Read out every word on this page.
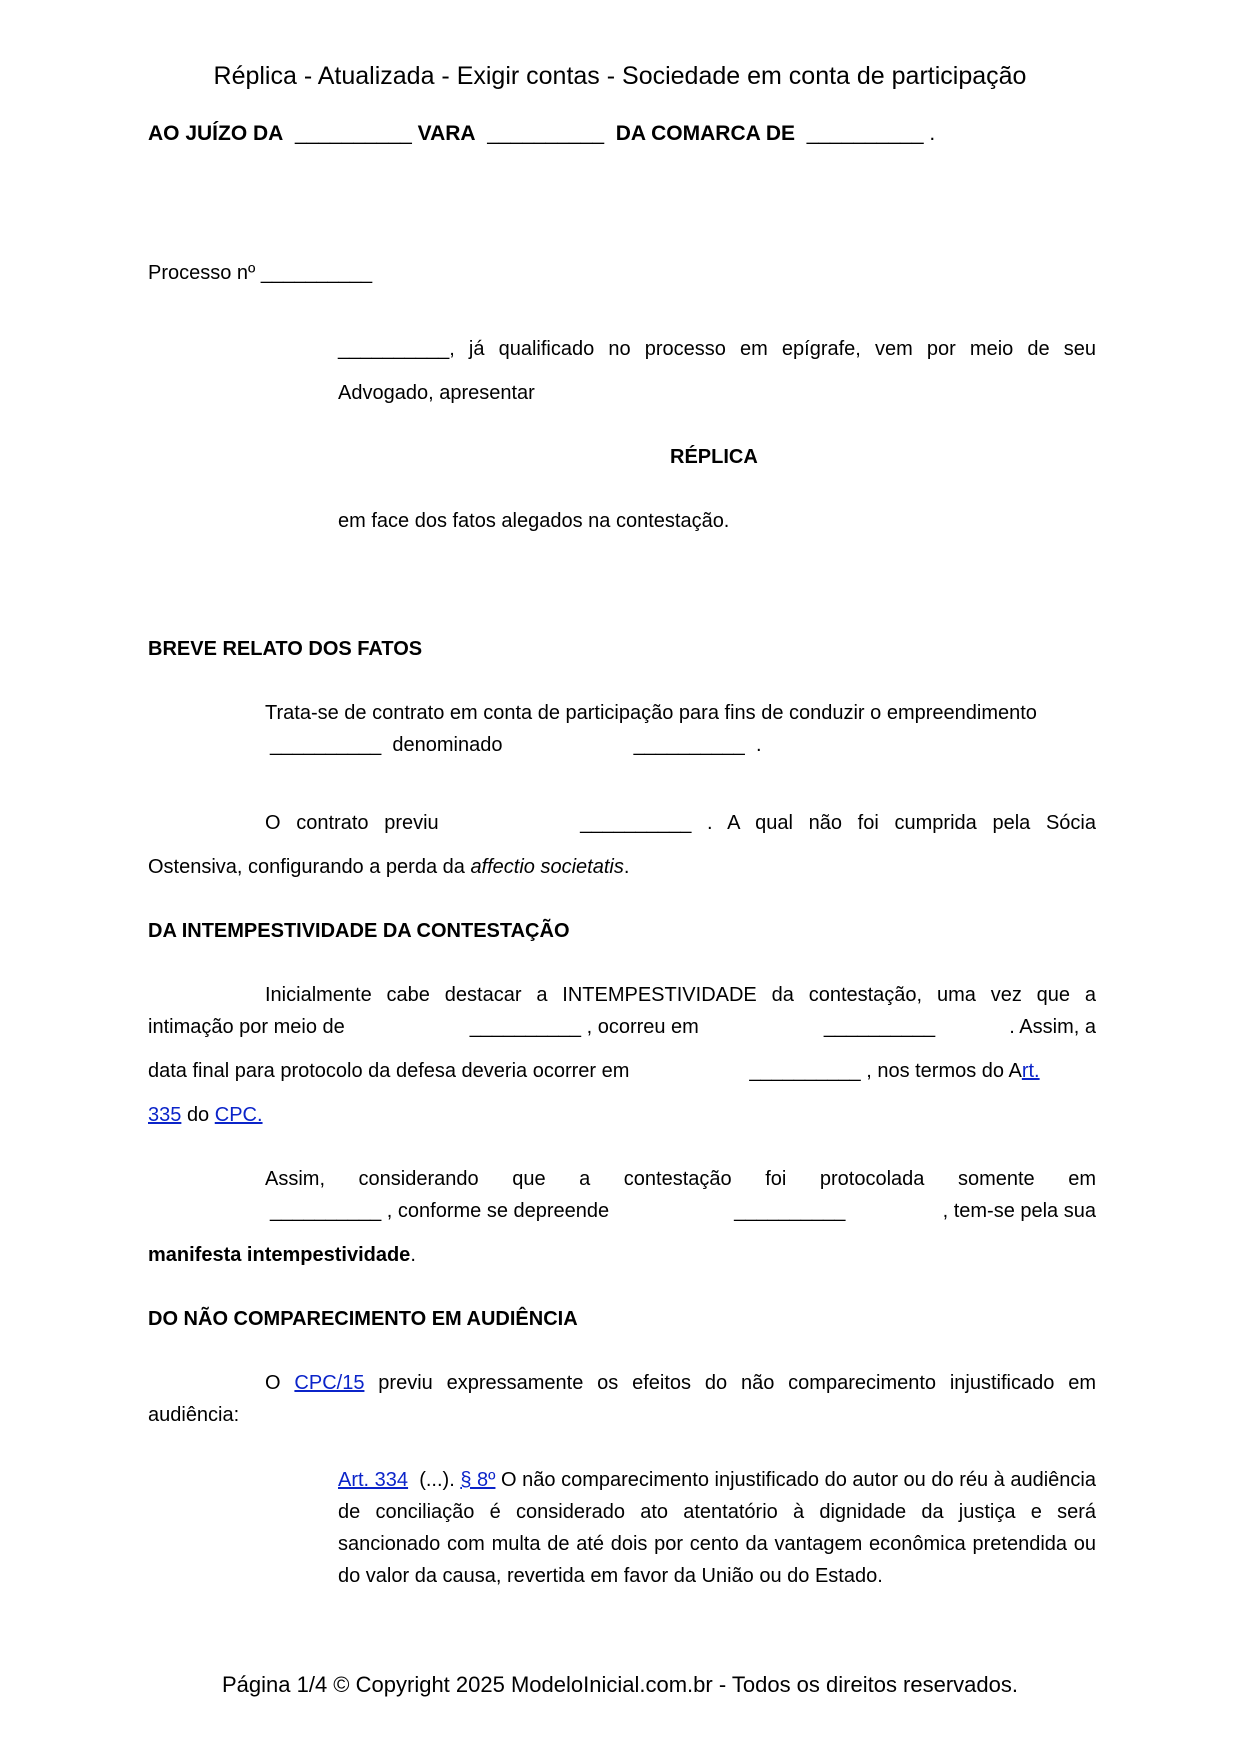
Réplica - Atualizada - Exigir contas - Sociedade em conta de participação

AO JUÍZO DA __________ VARA __________ DA COMARCA DE __________ .

Processo nº __________

__________, já qualificado no processo em epígrafe, vem por meio de seu

Advogado, apresentar

RÉPLICA

em face dos fatos alegados na contestação.

BREVE RELATO DOS FATOS

Trata-se de contrato em conta de participação para fins de conduzir o empreendimento

__________ denominado	__________ .

O contrato previu	__________ . A qual não foi cumprida pela Sócia

Ostensiva, configurando a perda da affectio societatis.

DA INTEMPESTIVIDADE DA CONTESTAÇÃO

Inicialmente cabe destacar a INTEMPESTIVIDADE da contestação, uma vez que a

intimação por meio de	__________ , ocorreu em	__________	. Assim, a

data final para protocolo da defesa deveria ocorrer em	__________ , nos termos do Art.

335 do CPC.

Assim, considerando que a contestação foi protocolada somente em

__________ , conforme se depreende	__________	, tem-se pela sua

manifesta intempestividade.

DO NÃO COMPARECIMENTO EM AUDIÊNCIA

O CPC/15 previu expressamente os efeitos do não comparecimento injustificado em

audiência:

Art. 334 (...). § 8º O não comparecimento injustificado do autor ou do réu à audiência de conciliação é considerado ato atentatório à dignidade da justiça e será sancionado com multa de até dois por cento da vantagem econômica pretendida ou do valor da causa, revertida em favor da União ou do Estado.

Página 1/4 © Copyright 2025 ModeloInicial.com.br - Todos os direitos reservados.
